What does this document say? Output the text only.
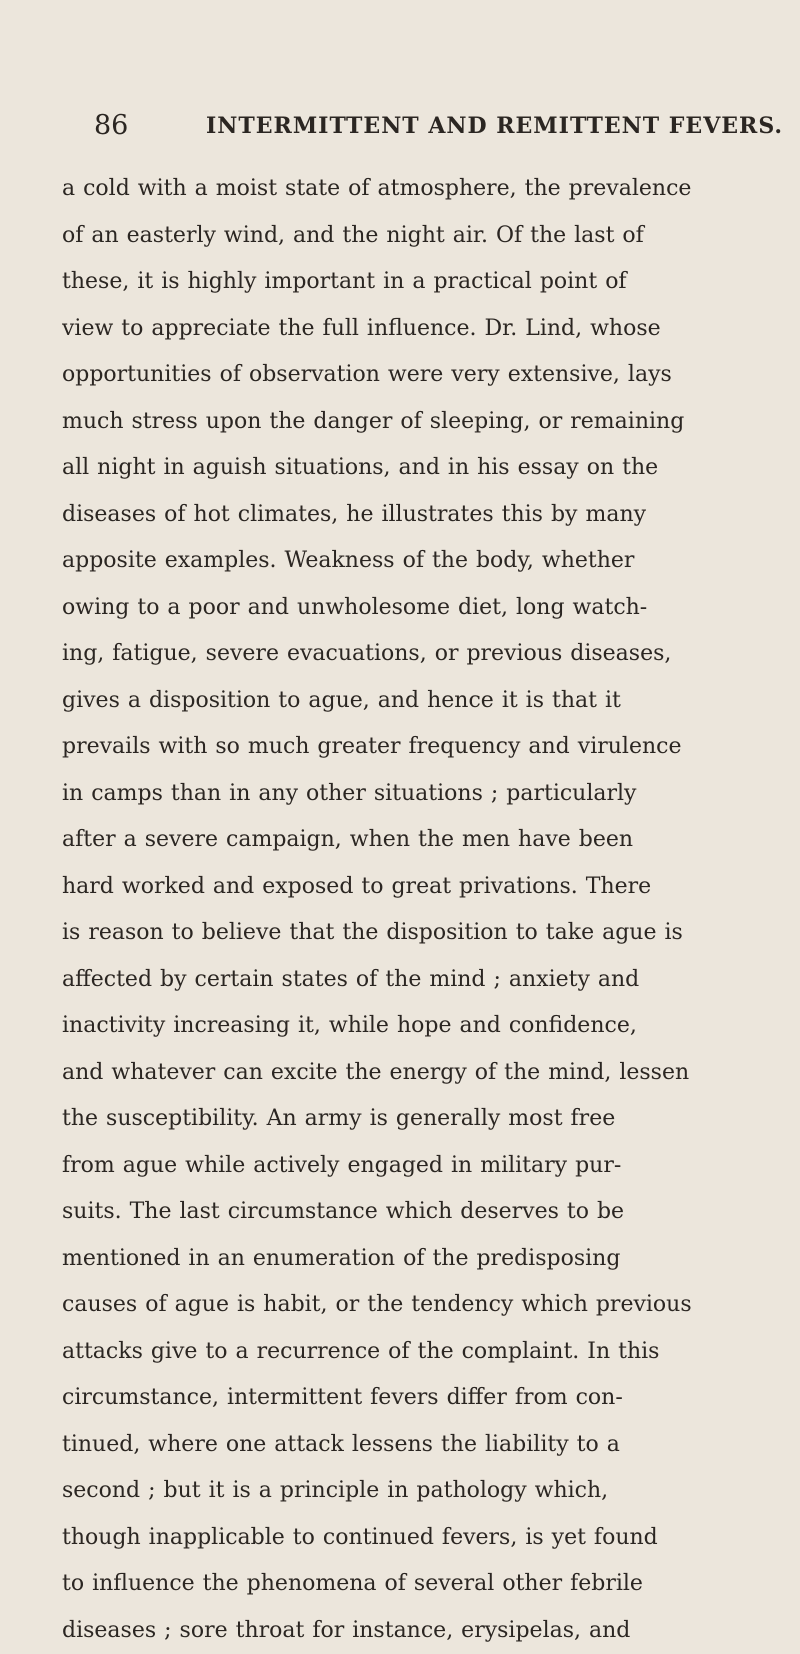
86	INTERMITTENT AND REMITTENT FEVERS.
a cold with a moist state of atmosphere, the prevalence
of an easterly wind, and the night air. Of the last of
these, it is highly important in a practical point of
view to appreciate the full influence. Dr. Lind, whose
opportunities of observation were very extensive, lays
much stress upon the danger of sleeping, or remaining
all night in aguish situations, and in his essay on the
diseases of hot climates, he illustrates this by many
apposite examples. Weakness of the body, whether
owing to a poor and unwholesome diet, long watch-
ing, fatigue, severe evacuations, or previous diseases,
gives a disposition to ague, and hence it is that it
prevails with so much greater frequency and virulence
in camps than in any other situations ; particularly
after a severe campaign, when the men have been
hard worked and exposed to great privations. There
is reason to believe that the disposition to take ague is
affected by certain states of the mind ; anxiety and
inactivity increasing it, while hope and confidence,
and whatever can excite the energy of the mind, lessen
the susceptibility. An army is generally most free
from ague while actively engaged in military pur-
suits. The last circumstance which deserves to be
mentioned in an enumeration of the predisposing
causes of ague is habit, or the tendency which previous
attacks give to a recurrence of the complaint. In this
circumstance, intermittent fevers differ from con-
tinued, where one attack lessens the liability to a
second ; but it is a principle in pathology which,
though inapplicable to continued fevers, is yet found
to influence the phenomena of several other febrile
diseases ; sore throat for instance, erysipelas, and
